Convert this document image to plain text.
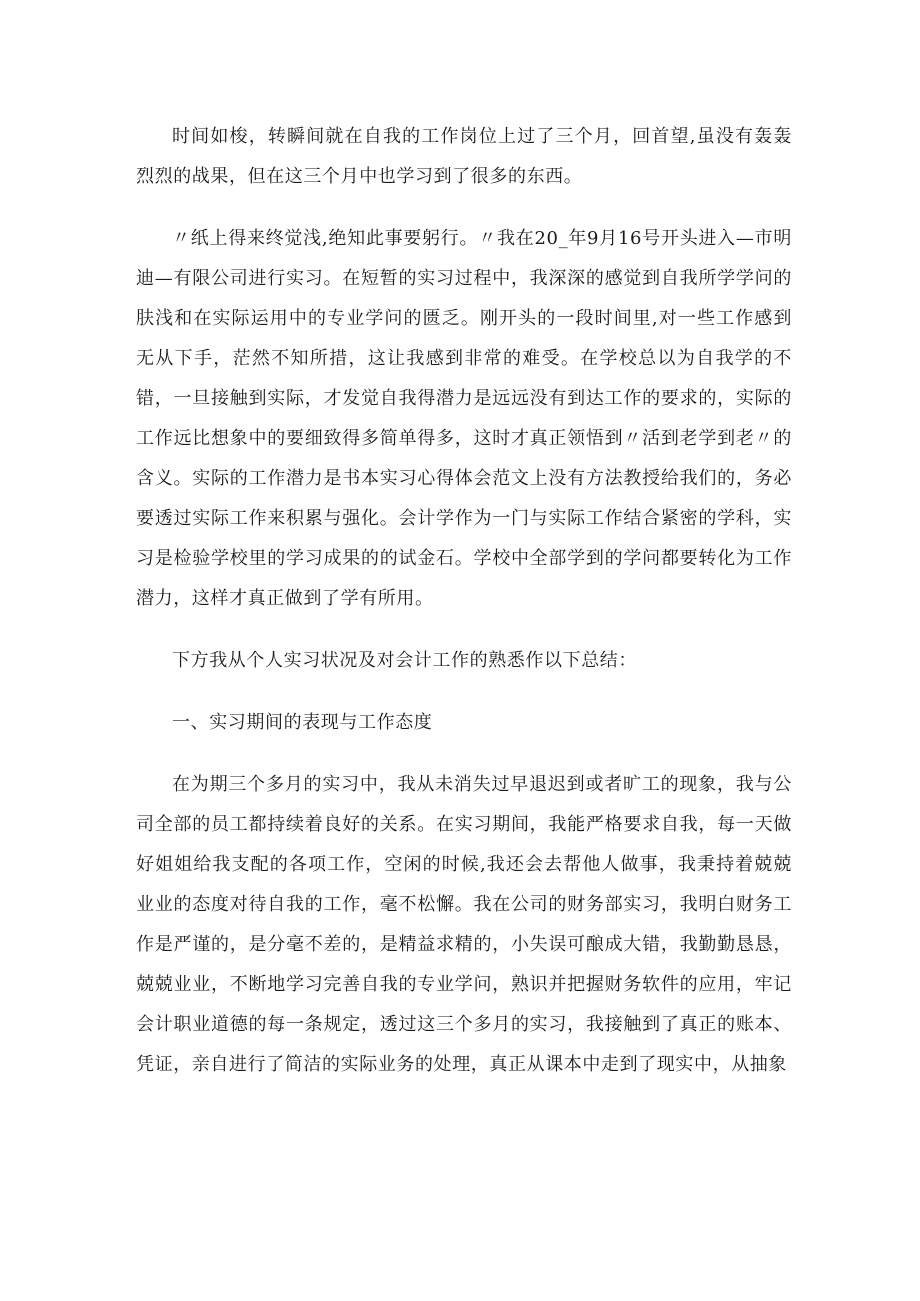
时间如梭，转瞬间就在自我的工作岗位上过了三个月，回首望,虽没有轰轰烈烈的战果，但在这三个月中也学习到了很多的东西。

〃纸上得来终觉浅,绝知此事要躬行。〃我在20_年9月16号开头进入—市明迪—有限公司进行实习。在短暂的实习过程中，我深深的感觉到自我所学学问的肤浅和在实际运用中的专业学问的匮乏。刚开头的一段时间里,对一些工作感到无从下手，茫然不知所措，这让我感到非常的难受。在学校总以为自我学的不错，一旦接触到实际，才发觉自我得潜力是远远没有到达工作的要求的，实际的工作远比想象中的要细致得多简单得多，这时才真正领悟到〃活到老学到老〃的含义。实际的工作潜力是书本实习心得体会范文上没有方法教授给我们的，务必要透过实际工作来积累与强化。会计学作为一门与实际工作结合紧密的学科，实习是检验学校里的学习成果的的试金石。学校中全部学到的学问都要转化为工作潜力，这样才真正做到了学有所用。

下方我从个人实习状况及对会计工作的熟悉作以下总结：

一、实习期间的表现与工作态度

在为期三个多月的实习中，我从未消失过早退迟到或者旷工的现象，我与公司全部的员工都持续着良好的关系。在实习期间，我能严格要求自我，每一天做好姐姐给我支配的各项工作，空闲的时候,我还会去帮他人做事，我秉持着兢兢业业的态度对待自我的工作，毫不松懈。我在公司的财务部实习，我明白财务工作是严谨的，是分毫不差的，是精益求精的，小失误可酿成大错，我勤勤恳恳，兢兢业业，不断地学习完善自我的专业学问，熟识并把握财务软件的应用，牢记会计职业道德的每一条规定，透过这三个多月的实习，我接触到了真正的账本、凭证，亲自进行了简洁的实际业务的处理，真正从课本中走到了现实中，从抽象
